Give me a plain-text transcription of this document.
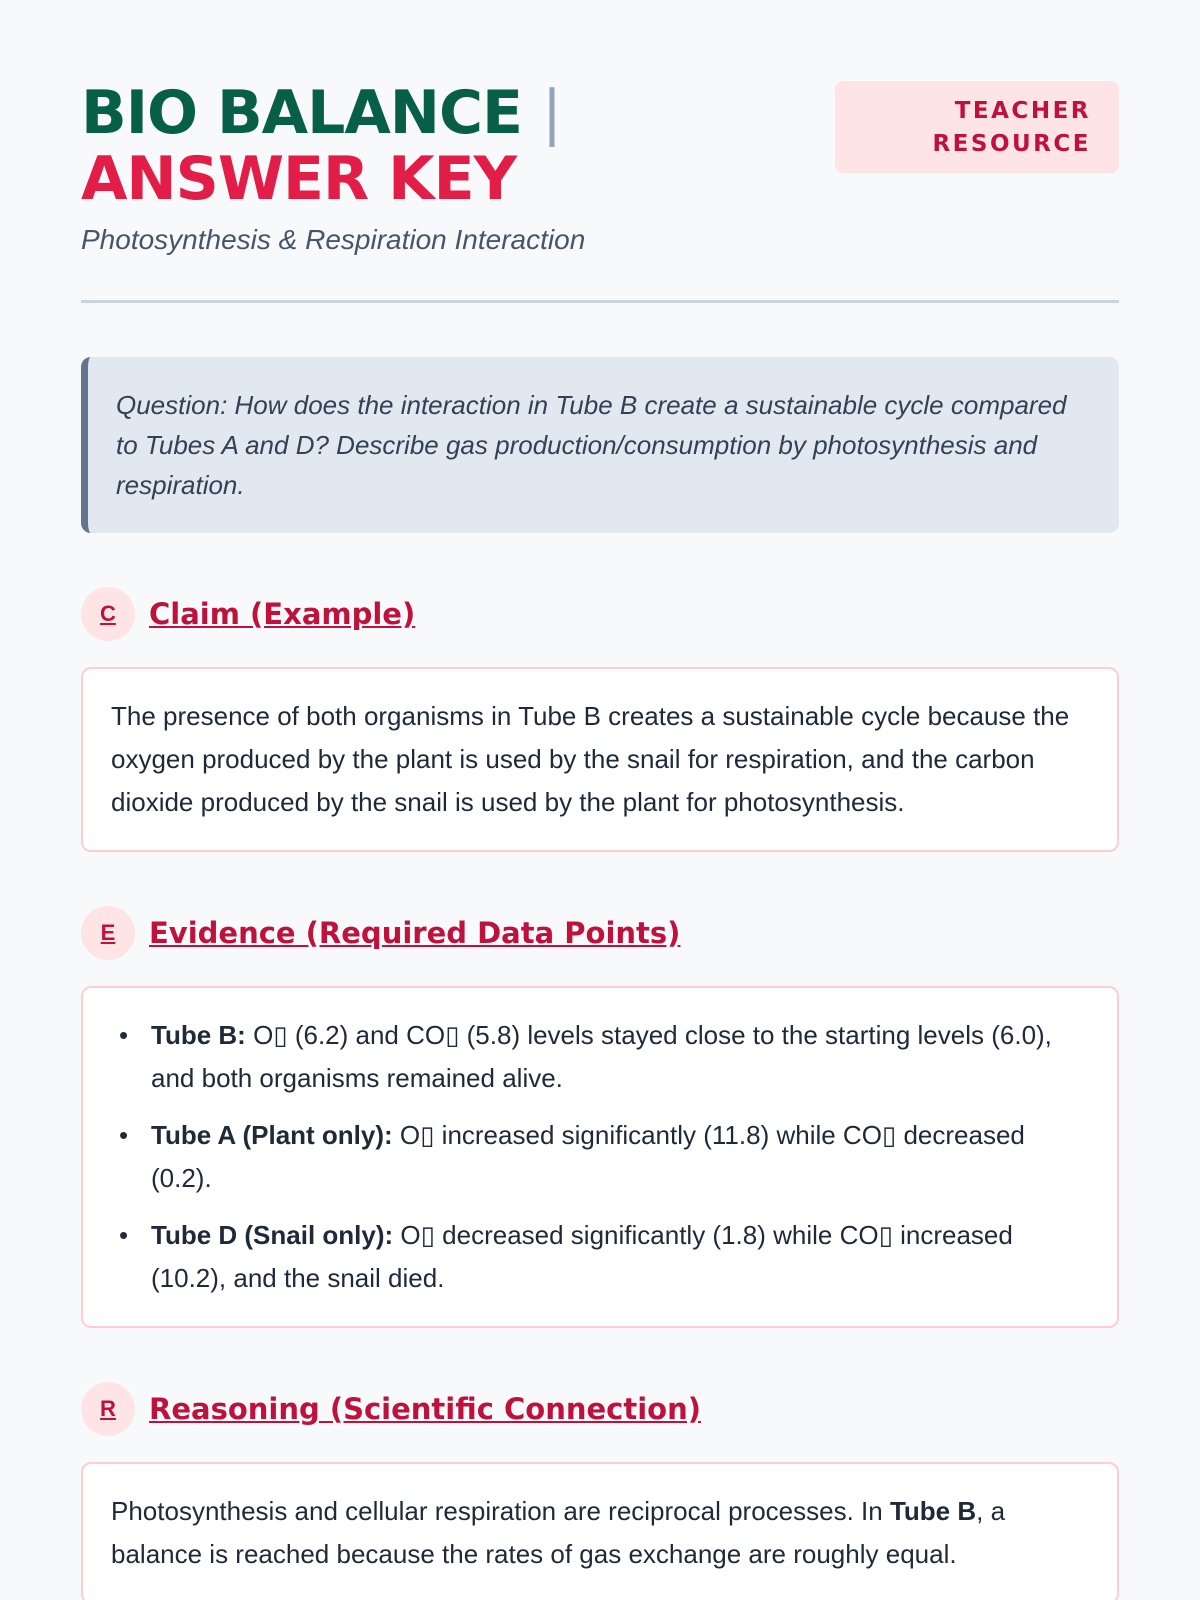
BIO BALANCE | ANSWER KEY
TEACHER
RESOURCE
Photosynthesis & Respiration Interaction
Question: How does the interaction in Tube B create a sustainable cycle compared to Tubes A and D? Describe gas production/consumption by photosynthesis and respiration.
C	Claim (Example)

The presence of both organisms in Tube B creates a sustainable cycle because the oxygen produced by the plant is used by the snail for respiration, and the carbon dioxide produced by the snail is used by the plant for photosynthesis.

E	Evidence (Required Data Points)
• Tube B: O▯ (6.2) and CO▯ (5.8) levels stayed close to the starting levels (6.0), and both organisms remained alive.
• Tube A (Plant only): O▯ increased significantly (11.8) while CO▯ decreased (0.2).
• Tube D (Snail only): O▯ decreased significantly (1.8) while CO▯ increased (10.2), and the snail died.
R	Reasoning (Scientific Connection)

Photosynthesis and cellular respiration are reciprocal processes. In Tube B, a balance is reached because the rates of gas exchange are roughly equal.
